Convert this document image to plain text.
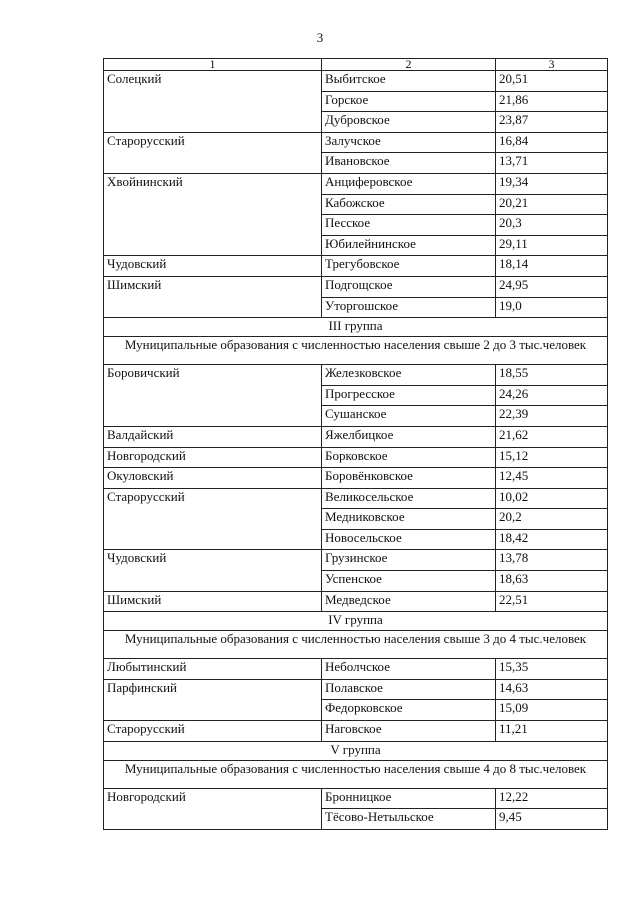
3
1	2	3
Солецкий	Выбитское	20,51
	Горское	21,86
	Дубровское	23,87
Старорусский	Залучское	16,84
	Ивановское	13,71
Хвойнинский	Анциферовское	19,34
	Кабожское	20,21
	Песское	20,3
	Юбилейнинское	29,11
Чудовский	Трегубовское	18,14
Шимский	Подгощское	24,95
	Уторгошское	19,0
III группа		
Муниципальные образования с численностью населения свыше 2 до 3 тыс.человек		
Боровичский	Железковское	18,55
	Прогресское	24,26
	Сушанское	22,39
Валдайский	Яжелбицкое	21,62
Новгородский	Борковское	15,12
Окуловский	Боровёнковское	12,45
Старорусский	Великосельское	10,02
	Медниковское	20,2
	Новосельское	18,42
Чудовский	Грузинское	13,78
	Успенское	18,63
Шимский	Медведское	22,51
IV группа		
Муниципальные образования с численностью населения свыше 3 до 4 тыс.человек		
Любытинский	Неболчское	15,35
Парфинский	Полавское	14,63
	Федорковское	15,09
Старорусский	Наговское	11,21
V группа		
Муниципальные образования с численностью населения свыше 4 до 8 тыс.человек		
Новгородский	Бронницкое	12,22
	Тёсово-Нетыльское	9,45
